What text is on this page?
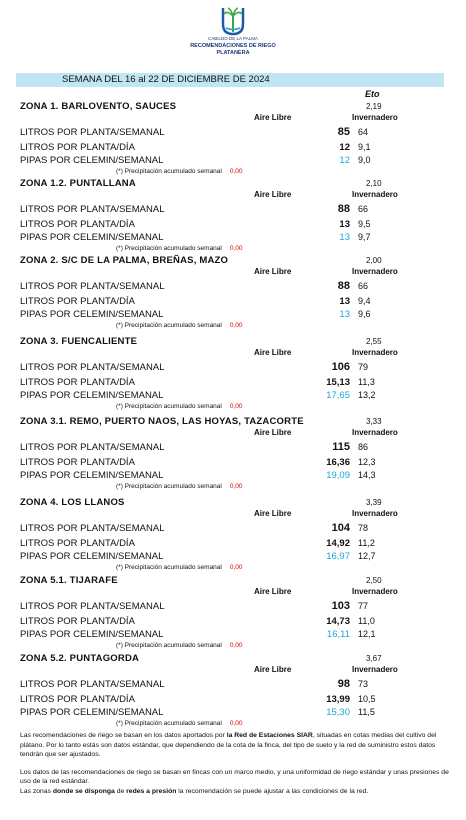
CABILDO DE LA PALMA
RECOMENDACIONES DE RIEGO
PLATANERA
SEMANA DEL 16 al 22 DE DICIEMBRE DE 2024
Eto
ZONA 1. BARLOVENTO, SAUCES	2,19
Aire Libre	Invernadero
LITROS POR PLANTA/SEMANAL	85 64
LITROS POR PLANTA/DÍA	12 9,1
PIPAS POR CELEMIN/SEMANAL	12 9,0
(*) Precipitación acumulado semanal 0,00
ZONA 1.2. PUNTALLANA	2,10
Aire Libre	Invernadero
LITROS POR PLANTA/SEMANAL	88 66
LITROS POR PLANTA/DÍA	13 9,5
PIPAS POR CELEMIN/SEMANAL	13 9,7
(*) Precipitación acumulado semanal 0,00
ZONA 2. S/C DE LA PALMA, BREÑAS, MAZO	2,00
Aire Libre	Invernadero
LITROS POR PLANTA/SEMANAL	88 66
LITROS POR PLANTA/DÍA	13 9,4
PIPAS POR CELEMIN/SEMANAL	13 9,6
(*) Precipitación acumulado semanal 0,00
ZONA 3. FUENCALIENTE	2,55
Aire Libre	Invernadero
LITROS POR PLANTA/SEMANAL	106 79
LITROS POR PLANTA/DÍA	15,13 11,3
PIPAS POR CELEMIN/SEMANAL	17,65 13,2
(*) Precipitación acumulado semanal 0,00
ZONA 3.1. REMO, PUERTO NAOS, LAS HOYAS, TAZACORTE	3,33
Aire Libre	Invernadero
LITROS POR PLANTA/SEMANAL	115 86
LITROS POR PLANTA/DÍA	16,36 12,3
PIPAS POR CELEMIN/SEMANAL	19,09 14,3
(*) Precipitación acumulado semanal 0,00
ZONA 4. LOS LLANOS	3,39
Aire Libre	Invernadero
LITROS POR PLANTA/SEMANAL	104 78
LITROS POR PLANTA/DÍA	14,92 11,2
PIPAS POR CELEMIN/SEMANAL	16,97 12,7
(*) Precipitación acumulado semanal 0,00
ZONA 5.1. TIJARAFE	2,50
Aire Libre	Invernadero
LITROS POR PLANTA/SEMANAL	103 77
LITROS POR PLANTA/DÍA	14,73 11,0
PIPAS POR CELEMIN/SEMANAL	16,11 12,1
(*) Precipitación acumulado semanal 0,00
ZONA 5.2. PUNTAGORDA	3,67
Aire Libre	Invernadero
LITROS POR PLANTA/SEMANAL	98 73
LITROS POR PLANTA/DÍA	13,99 10,5
PIPAS POR CELEMIN/SEMANAL	15,30 11,5
(*) Precipitación acumulado semanal 0,00

Las recomendaciones de riego se basan en los datos aportados por la Red de Estaciones SIAR, situadas en cotas medias del cultivo del plátano. Por lo tanto estás son datos estándar, que dependiendo de la cota de la finca, del tipo de suelo y la red de suministro estos datos tendrán que ser ajustados.

Los datos de las recomendaciones de riego se basan en fincas con un marco medio, y una uniformidad de riego estándar y unas presiones de uso de la red estándar.

Las zonas donde se disponga de redes a presión la recomendación se puede ajustar a las condiciones de la red.
